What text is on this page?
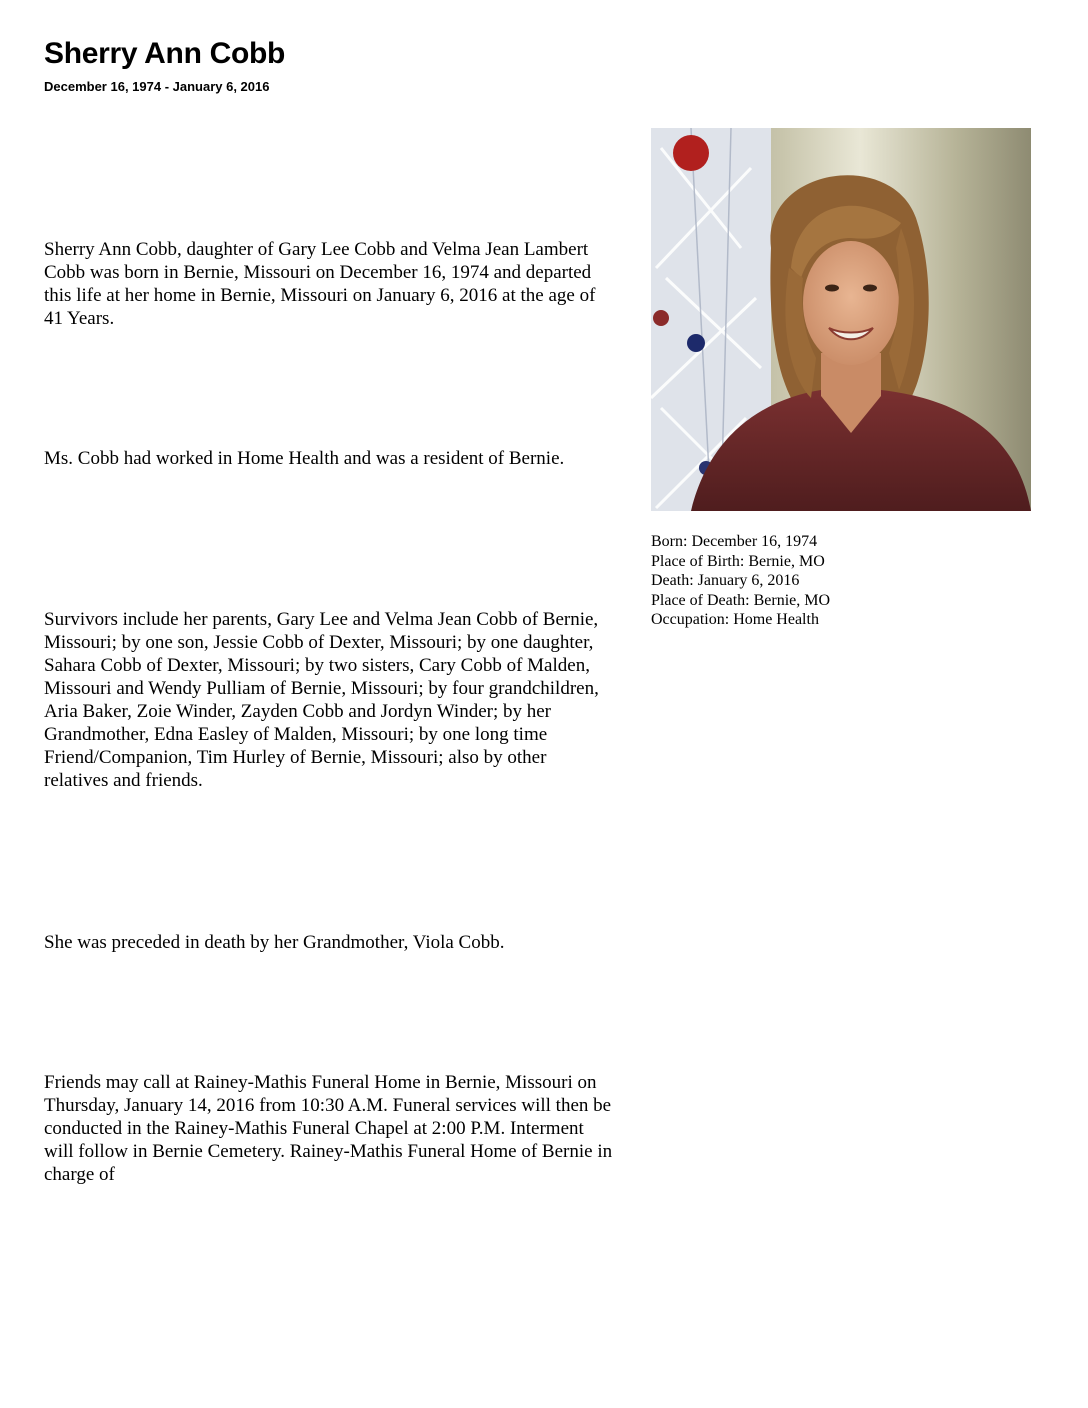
Sherry Ann Cobb
December 16, 1974 - January 6, 2016

Sherry Ann Cobb, daughter of Gary Lee Cobb and Velma Jean Lambert Cobb was born in Bernie, Missouri on December 16, 1974 and departed this life at her home in Bernie, Missouri on January 6, 2016 at the age of 41 Years.

Ms. Cobb had worked in Home Health and was a resident of Bernie.

Survivors include her parents, Gary Lee and Velma Jean Cobb of Bernie, Missouri; by one son, Jessie Cobb of Dexter, Missouri; by one daughter, Sahara Cobb of Dexter, Missouri; by two sisters, Cary Cobb of Malden, Missouri and Wendy Pulliam of Bernie, Missouri; by four grandchildren, Aria Baker, Zoie Winder, Zayden Cobb and Jordyn Winder; by her Grandmother, Edna Easley of Malden, Missouri; by one long time Friend/Companion, Tim Hurley of Bernie, Missouri; also by other relatives and friends.

She was preceded in death by her Grandmother, Viola Cobb.

Friends may call at Rainey-Mathis Funeral Home in Bernie, Missouri on Thursday, January 14, 2016 from 10:30 A.M. Funeral services will then be conducted in the Rainey-Mathis Funeral Chapel at 2:00 P.M. Interment will follow in Bernie Cemetery. Rainey-Mathis Funeral Home of Bernie in charge of

Born: December 16, 1974
Place of Birth: Bernie, MO
Death: January 6, 2016
Place of Death: Bernie, MO
Occupation: Home Health
